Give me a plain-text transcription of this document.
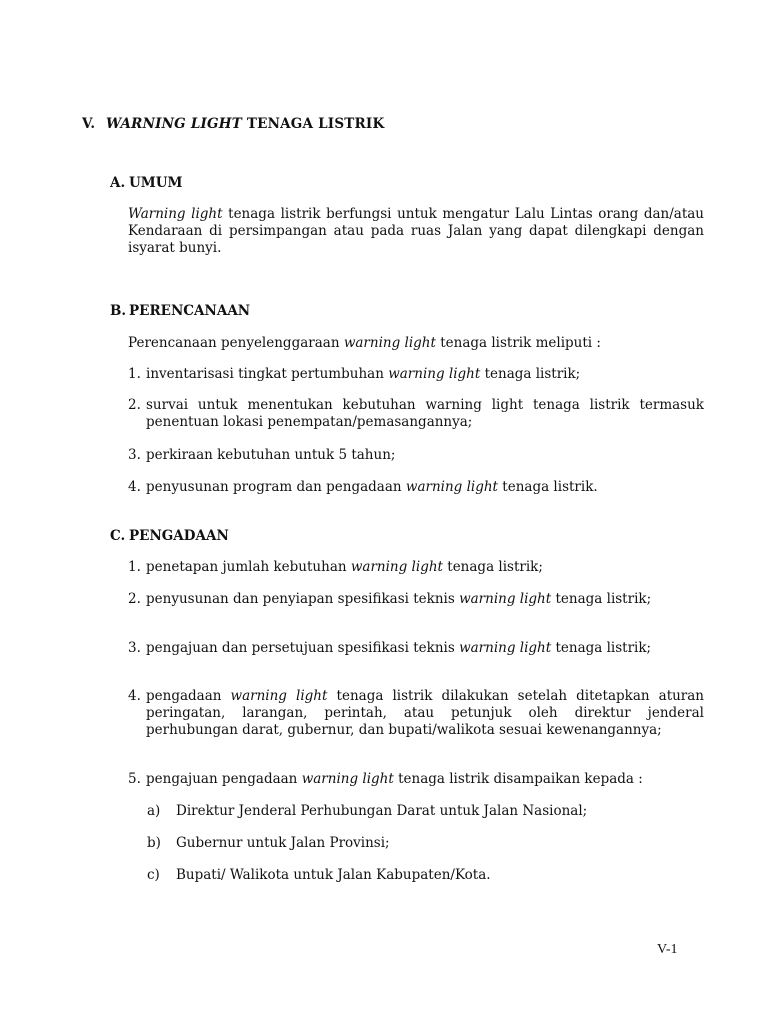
V. WARNING LIGHT TENAGA LISTRIK
A. UMUM
Warning light tenaga listrik berfungsi untuk mengatur Lalu Lintas orang dan/atau Kendaraan di persimpangan atau pada ruas Jalan yang dapat dilengkapi dengan isyarat bunyi.
B. PERENCANAAN
Perencanaan penyelenggaraan warning light tenaga listrik meliputi :
1. inventarisasi tingkat pertumbuhan warning light tenaga listrik;
2. survai untuk menentukan kebutuhan warning light tenaga listrik termasuk penentuan lokasi penempatan/pemasangannya;
3. perkiraan kebutuhan untuk 5 tahun;
4. penyusunan program dan pengadaan warning light tenaga listrik.
C. PENGADAAN
1. penetapan jumlah kebutuhan warning light tenaga listrik;
2. penyusunan dan penyiapan spesifikasi teknis warning light tenaga listrik;
3. pengajuan dan persetujuan spesifikasi teknis warning light tenaga listrik;
4. pengadaan warning light tenaga listrik dilakukan setelah ditetapkan aturan peringatan, larangan, perintah, atau petunjuk oleh direktur jenderal perhubungan darat, gubernur, dan bupati/walikota sesuai kewenangannya;
5. pengajuan pengadaan warning light tenaga listrik disampaikan kepada :
a)	Direktur Jenderal Perhubungan Darat untuk Jalan Nasional;
b)	Gubernur untuk Jalan Provinsi;
c)	Bupati/ Walikota untuk Jalan Kabupaten/Kota.
V-1
